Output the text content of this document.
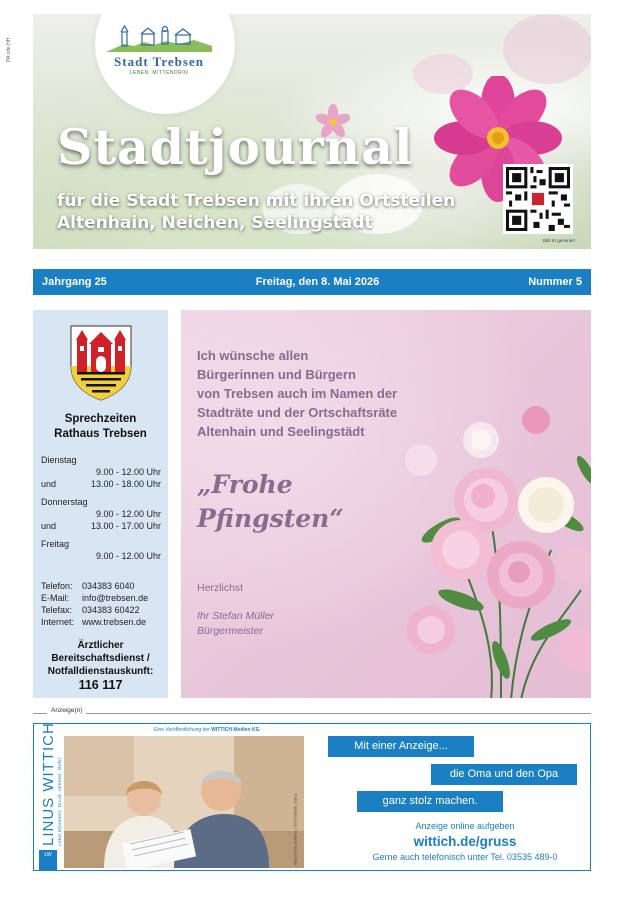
PA nde HH	Stadt Trebsen
LEBEN. MITTENDRIN
Stadtjournal
für die Stadt Trebsen mit ihren Ortsteilen
Altenhain, Neichen, Seelingstädt
Bild KI generiert
Jahrgang 25	Freitag, den 8. Mai 2026	Nummer 5
Sprechzeiten
Rathaus Trebsen
Dienstag
9.00 - 12.00 Uhr
und	13.00 - 18.00 Uhr
Donnerstag
9.00 - 12.00 Uhr
und	13.00 - 17.00 Uhr
Freitag
9.00 - 12.00 Uhr
Telefon:	034383 6040
E-Mail:	info@trebsen.de
Telefax:	034383 60422
Internet: www.trebsen.de
Ärztlicher
Bereitschaftsdienst /
Notfalldienstauskunft:
116 117
Ich wünsche allen
Bürgerinnen und Bürgern
von Trebsen auch im Namen der
Stadträte und der Ortschaftsräte
Altenhain und Seelingstädt
„Frohe
Pfingsten“
Herzlichst
Ihr Stefan Müller
Bürgermeister
Anzeige(n)
LINUS WITTICH Lokal informiert: Druck. Internet. Mobil.
LW
Eine Veröffentlichung der WITTICH Medien KG
Foto: fotolia.com / Robert Kneschke
Mit einer Anzeige...
die Oma und den Opa
ganz stolz machen.
Anzeige online aufgeben
wittich.de/gruss
Gerne auch telefonisch unter Tel. 03535 489-0
